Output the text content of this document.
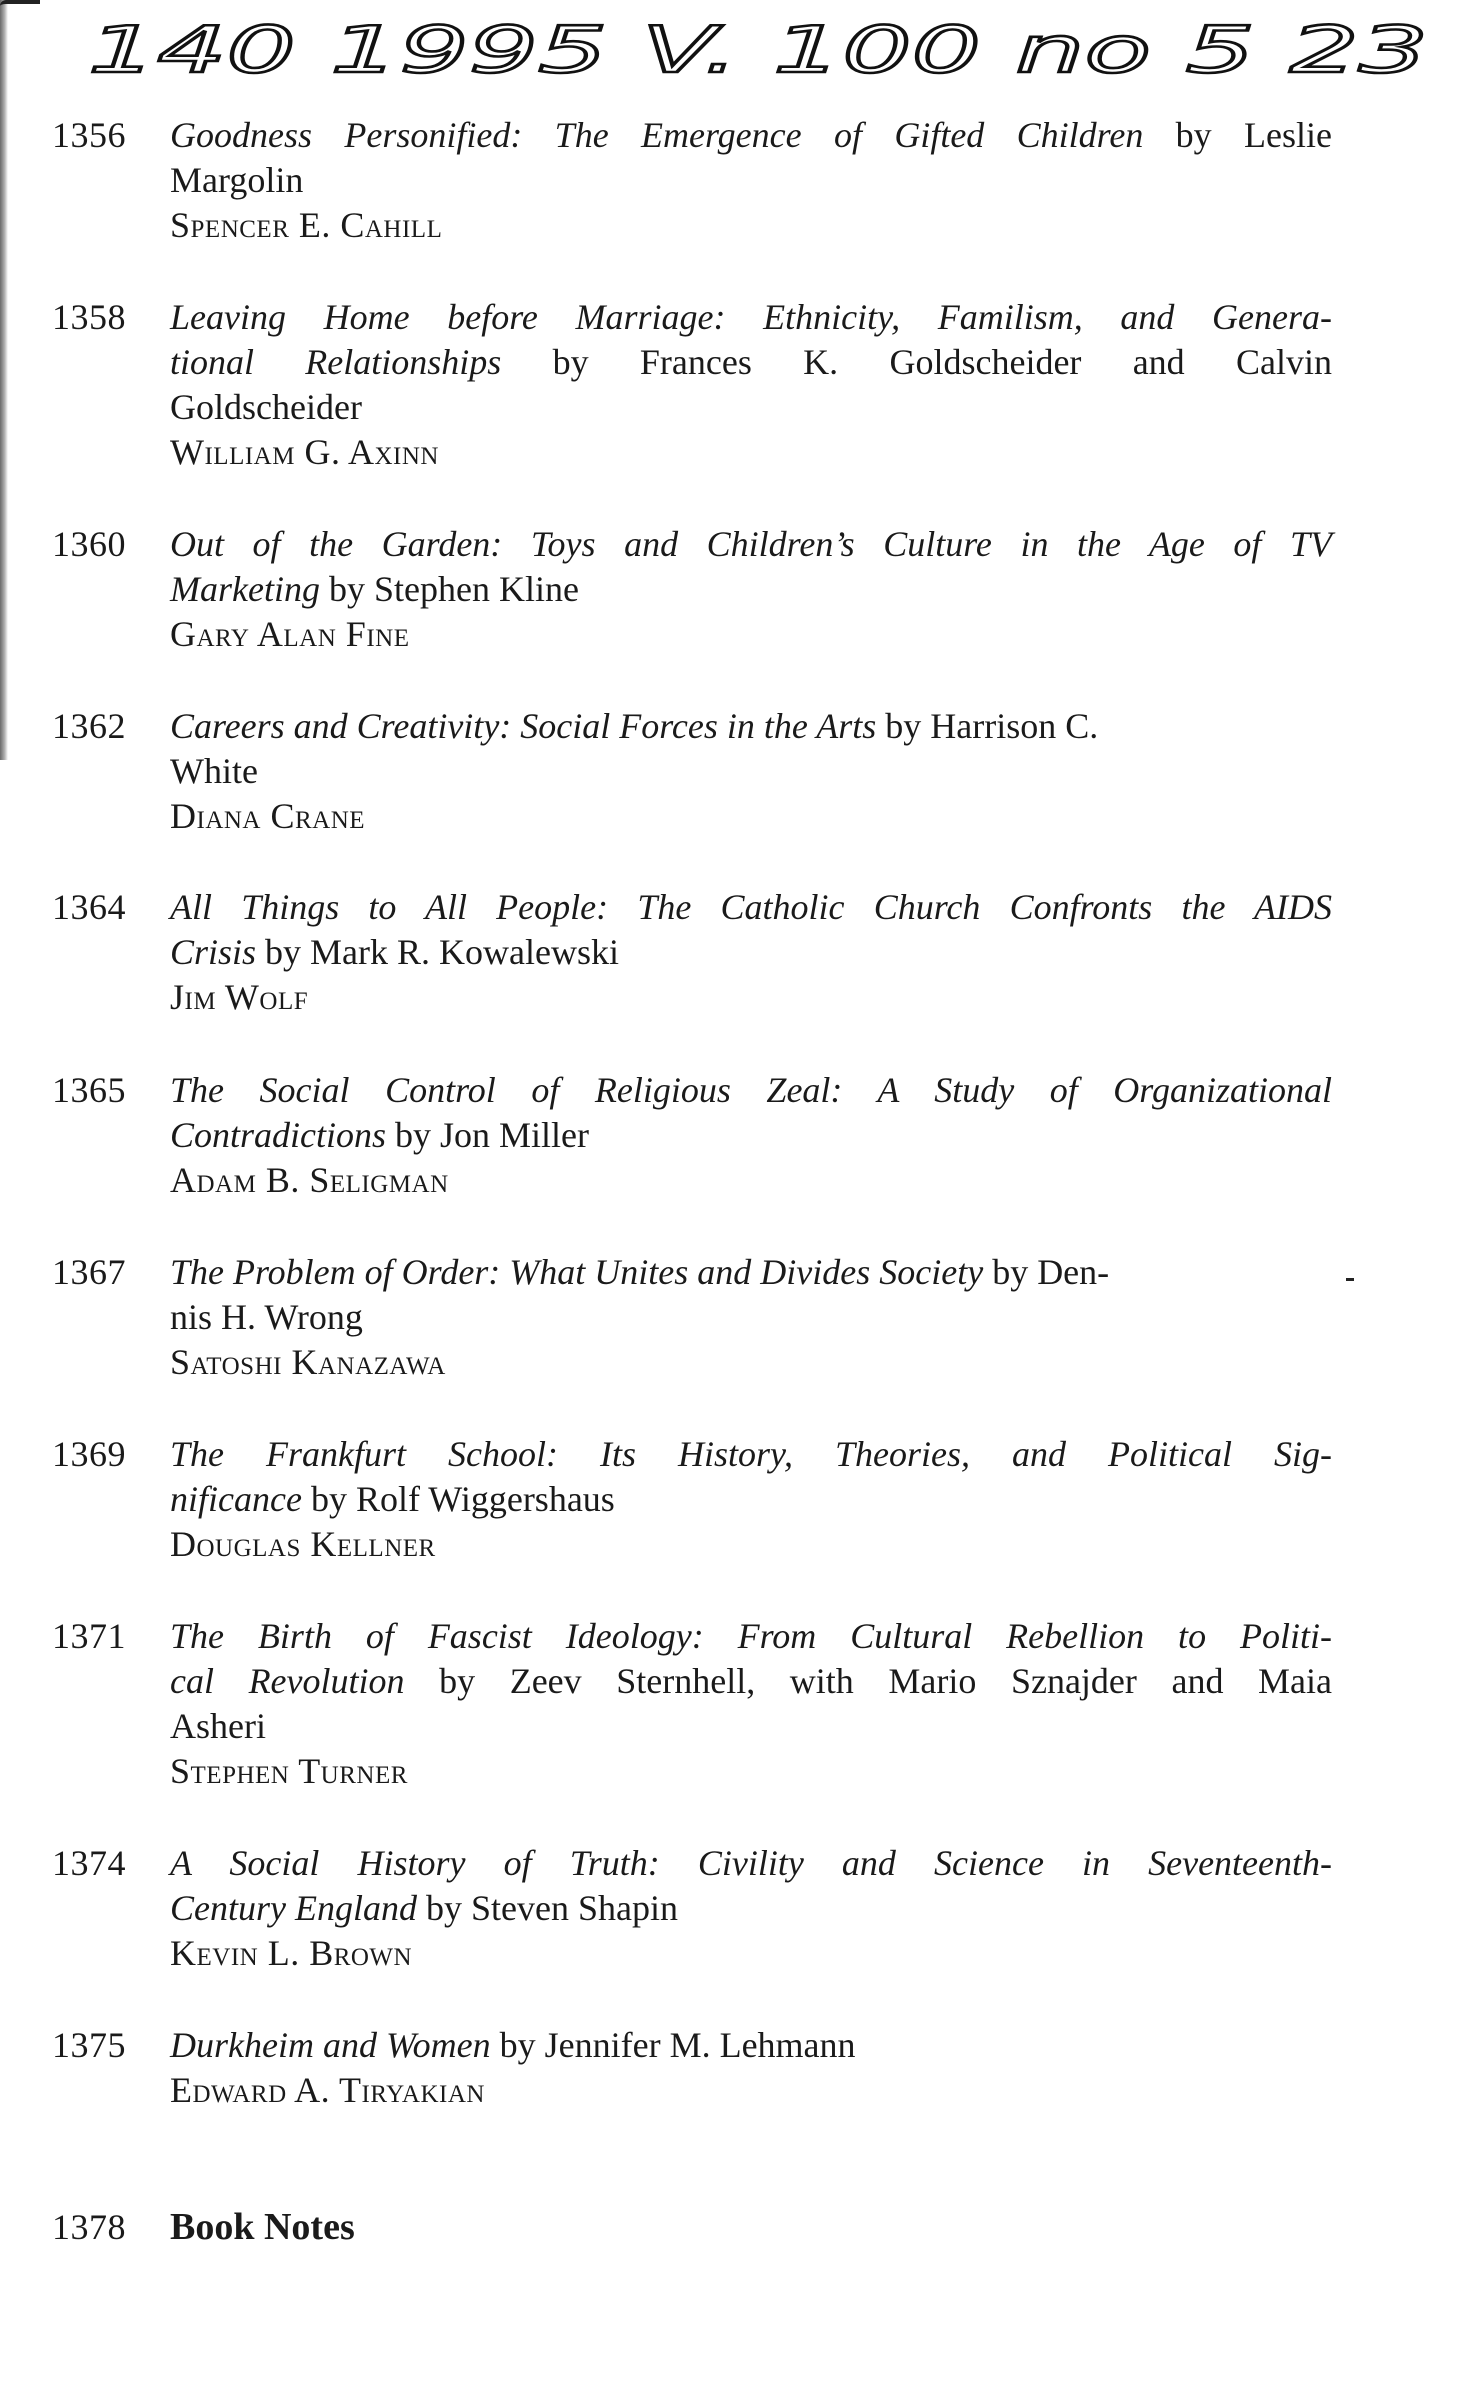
140 1995 V. 100 no 5 23
1356 Goodness Personified: The Emergence of Gifted Children by Leslie
Margolin
Spencer E. Cahill
1358 Leaving Home before Marriage: Ethnicity, Familism, and Genera-
tional Relationships by Frances K. Goldscheider and Calvin
Goldscheider
William G. Axinn
1360 Out of the Garden: Toys and Children’s Culture in the Age of TV
Marketing by Stephen Kline
Gary Alan Fine
1362 Careers and Creativity: Social Forces in the Arts by Harrison C.
White
Diana Crane
1364 All Things to All People: The Catholic Church Confronts the AIDS
Crisis by Mark R. Kowalewski
Jim Wolf
1365 The Social Control of Religious Zeal: A Study of Organizational
Contradictions by Jon Miller
Adam B. Seligman
1367 The Problem of Order: What Unites and Divides Society by Den-
nis H. Wrong
Satoshi Kanazawa
1369 The Frankfurt School: Its History, Theories, and Political Sig-
nificance by Rolf Wiggershaus
Douglas Kellner
1371 The Birth of Fascist Ideology: From Cultural Rebellion to Politi-
cal Revolution by Zeev Sternhell, with Mario Sznajder and Maia
Asheri
Stephen Turner
1374 A Social History of Truth: Civility and Science in Seventeenth-
Century England by Steven Shapin
Kevin L. Brown
1375 Durkheim and Women by Jennifer M. Lehmann
Edward A. Tiryakian
1378 Book Notes
